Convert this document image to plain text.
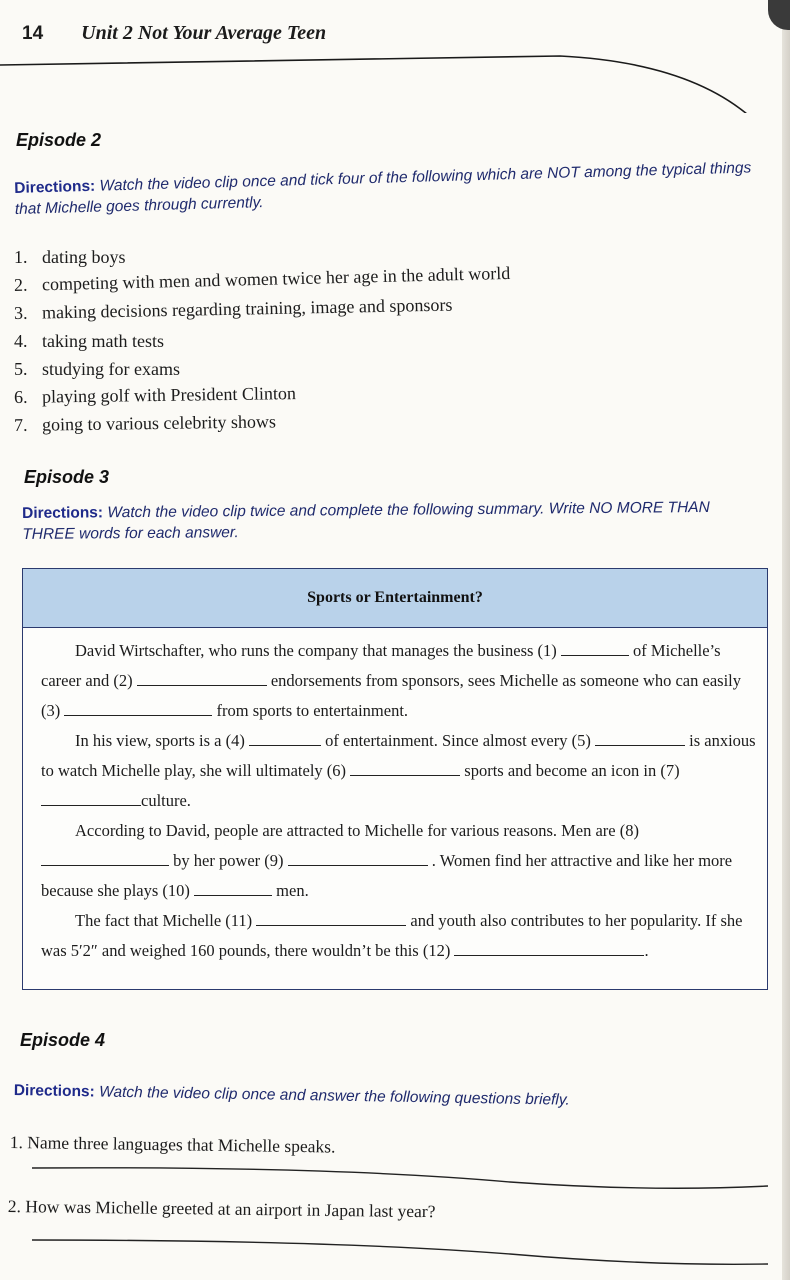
14 Unit 2 Not Your Average Teen
Episode 2
Directions: Watch the video clip once and tick four of the following which are NOT among the typical things that Michelle goes through currently.
1. dating boys
2. competing with men and women twice her age in the adult world
3. making decisions regarding training, image and sponsors
4. taking math tests
5. studying for exams
6. playing golf with President Clinton
7. going to various celebrity shows
Episode 3
Directions: Watch the video clip twice and complete the following summary. Write NO MORE THAN THREE words for each answer.
Sports or Entertainment?

David Wirtschafter, who runs the company that manages the business (1)	of Michelle’s career and (2)	endorsements from sponsors, sees Michelle as someone who can easily (3)	from sports to entertainment.

In his view, sports is a (4)	of entertainment. Since almost every (5)	is anxious to watch Michelle play, she will ultimately (6)	sports and become an icon in (7) culture.

According to David, people are attracted to Michelle for various reasons. Men are (8)  by her power (9)	. Women find her attractive and like her more because she plays (10)	men.

The fact that Michelle (11)	and youth also contributes to her popularity. If she was 5′2″ and weighed 160 pounds, there wouldn’t be this (12)	.

Episode 4
Directions: Watch the video clip once and answer the following questions briefly.
1. Name three languages that Michelle speaks.
2. How was Michelle greeted at an airport in Japan last year?
